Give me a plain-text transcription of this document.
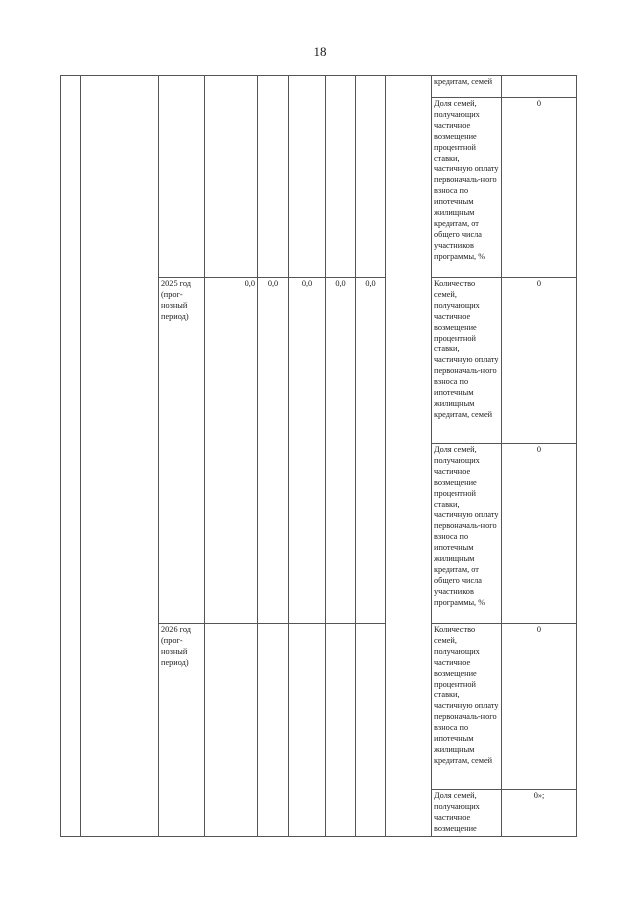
18

									кредитам, семей	

									Доля семей, получающих частичное возмещение процентной ставки, частичную оплату первоначаль-ного взноса по ипотечным жилищным кредитам, от общего числа участников программы, %	0
		2025 год (прог-нозный период)	0,0	0,0	0,0	0,0	0,0		Количество семей, получающих частичное возмещение процентной ставки, частичную оплату первоначаль-ного взноса по ипотечным жилищным кредитам, семей	0

									Доля семей, получающих частичное возмещение процентной ставки, частичную оплату первоначаль-ного взноса по ипотечным жилищным кредитам, от общего числа участников программы, %	0
		2026 год (прог-нозный период)							Количество семей, получающих частичное возмещение процентной ставки, частичную оплату первоначаль-ного взноса по ипотечным жилищным кредитам, семей	0

									Доля семей, получающих частичное возмещение	0»;
